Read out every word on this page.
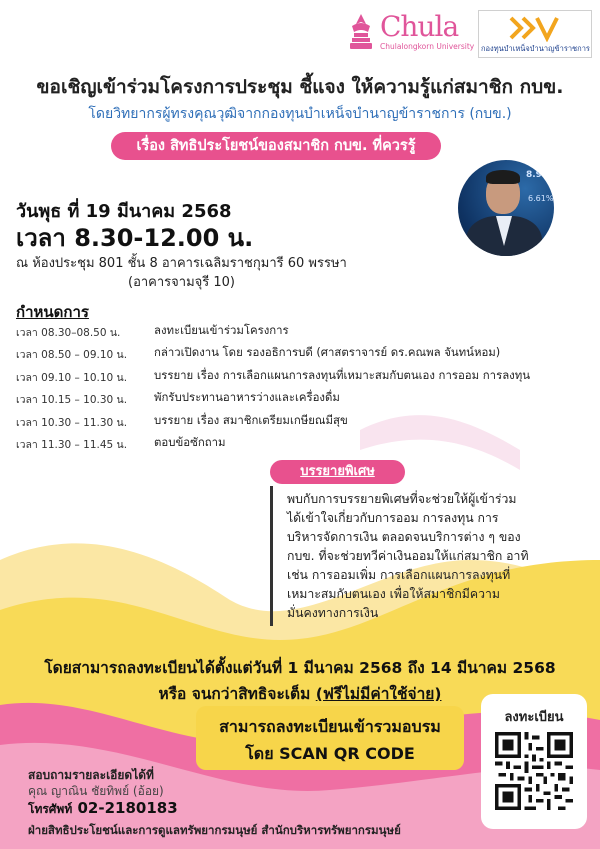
Chula
Chulalongkorn University กองทุนบำเหน็จบำนาญข้าราชการ
ขอเชิญเข้าร่วมโครงการประชุม ชี้แจง ให้ความรู้แก่สมาชิก กบข.
โดยวิทยากรผู้ทรงคุณวุฒิจากกองทุนบำเหน็จบำนาญข้าราชการ (กบข.)
เรื่อง สิทธิประโยชน์ของสมาชิก กบข. ที่ควรรู้
8.9
6.61%
วันพุธ ที่ 19 มีนาคม 2568
เวลา 8.30-12.00 น.
ณ ห้องประชุม 801 ชั้น 8 อาคารเฉลิมราชกุมารี 60 พรรษา
(อาคารจามจุรี 10)
กำหนดการ
เวลา 08.30–08.50 น.	ลงทะเบียนเข้าร่วมโครงการ
เวลา 08.50 – 09.10 น. กล่าวเปิดงาน โดย รองอธิการบดี (ศาสตราจารย์ ดร.คณพล จันทน์หอม)
เวลา 09.10 – 10.10 น. บรรยาย เรื่อง การเลือกแผนการลงทุนที่เหมาะสมกับตนเอง การออม การลงทุน
เวลา 10.15 – 10.30 น. พักรับประทานอาหารว่างและเครื่องดื่ม
เวลา 10.30 – 11.30 น. บรรยาย เรื่อง สมาชิกเตรียมเกษียณมีสุข
เวลา 11.30 – 11.45 น. ตอบข้อซักถาม
บรรยายพิเศษ
พบกับการบรรยายพิเศษที่จะช่วยให้ผู้เข้าร่วม
ได้เข้าใจเกี่ยวกับการออม การลงทุน การ
บริหารจัดการเงิน ตลอดจนบริการต่าง ๆ ของ
กบข. ที่จะช่วยทวีค่าเงินออมให้แก่สมาชิก อาทิ
เช่น การออมเพิ่ม การเลือกแผนการลงทุนที่
เหมาะสมกับตนเอง เพื่อให้สมาชิกมีความ
มั่นคงทางการเงิน
โดยสามารถลงทะเบียนได้ตั้งแต่วันที่ 1 มีนาคม 2568 ถึง 14 มีนาคม 2568
หรือ จนกว่าสิทธิจะเต็ม (ฟรีไม่มีค่าใช้จ่าย)
สามารถลงทะเบียนเข้ารวมอบรม
โดย SCAN QR CODE
ลงทะเบียน
สอบถามรายละเอียดได้ที่
คุณ ญาณิน ชัยทิพย์ (อ้อย)
โทรศัพท์ 02-2180183
ฝ่ายสิทธิประโยชน์และการดูแลทรัพยากรมนุษย์ สำนักบริหารทรัพยากรมนุษย์
